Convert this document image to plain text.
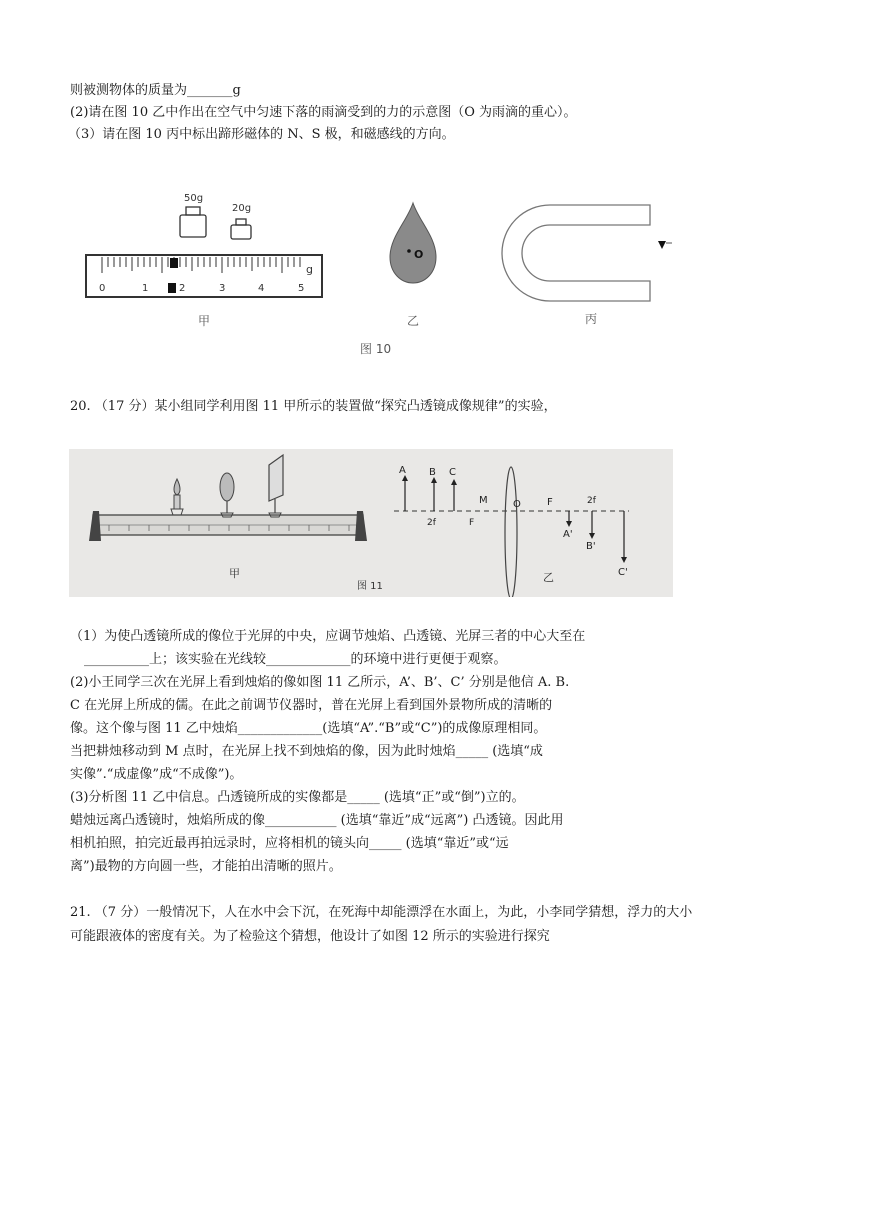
则被测物体的质量为_______g
(2)请在图 10 乙中作出在空气中匀速下落的雨滴受到的力的示意图（O 为雨滴的重心）。
（3）请在图 10 丙中标出蹄形磁体的 N、S 极，和磁感线的方向。
50g
20g
g
0	1	2	3	4	5
甲
O
乙	丙
图 10
20. （17 分）某小组同学利用图 11 甲所示的装置做“探究凸透镜成像规律”的实验，
甲
图 11
A B C
2f	F
M	O	F	2f
A'
B'
C'
乙
（1）为使凸透镜所成的像位于光屏的中央，应调节烛焰、凸透镜、光屏三者的中心大至在
__________上；该实验在光线较_____________的环境中进行更便于观察。
(2)小王同学三次在光屏上看到烛焰的像如图 11 乙所示，A’、B’、C’ 分别是他信 A. B.
C 在光屏上所成的儒。在此之前调节仪器时，普在光屏上看到国外景物所成的清晰的
像。这个像与图 11 乙中烛焰_____________(选填“A”.“B”或“C”)的成像原理相同。
当把耕烛移动到 M 点时，在光屏上找不到烛焰的像，因为此时烛焰_____ (选填“成
实像”.“成虚像”成“不成像”)。
(3)分析图 11 乙中信息。凸透镜所成的实像都是_____ (选填“正”或“倒”)立的。
蜡烛远离凸透镜时，烛焰所成的像___________ (选填“靠近”成“远离”) 凸透镜。因此用
相机拍照，拍完近最再拍远录时，应将相机的镜头向_____ (选填“靠近”或“远
离”)最物的方向圆一些，才能拍出清晰的照片。
21. （7 分）一般情况下，人在水中会下沉，在死海中却能漂浮在水面上，为此，小李同学猜想，浮力的大小
可能跟液体的密度有关。为了检验这个猜想，他设计了如图 12 所示的实验进行探究
